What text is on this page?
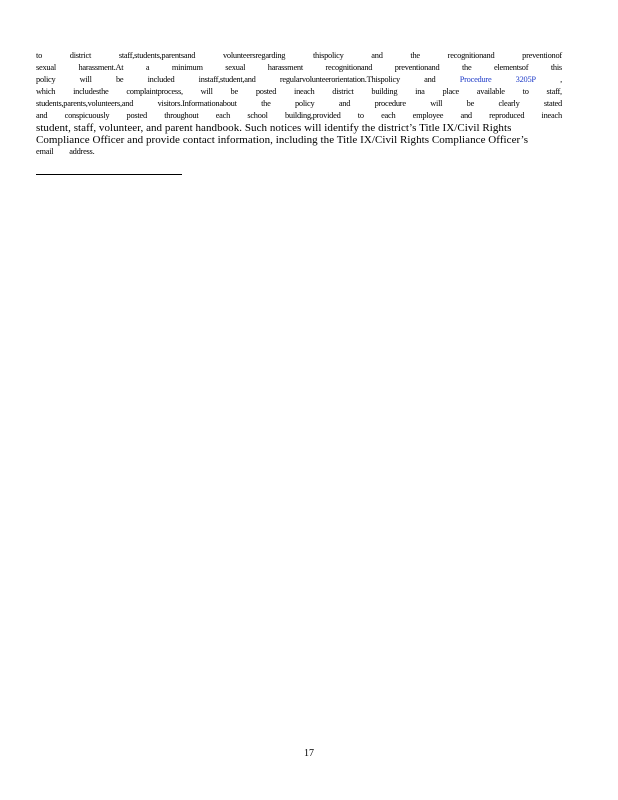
to	district	staff,students,parentsand	volunteersregarding	thispolicy	and	the	recognitionand	preventionof
sexual	harassment.At	a	minimum	sexual	harassment	recognitionand	preventionand	the	elementsof	this
policy	will	be	included	instaff,student,and	regularvolunteerorientation.Thispolicy	and	Procedure	3205P	,
which includesthe complaintprocess, will be posted ineach district building ina place available to staff,
students,parents,volunteers,and	visitors.Informationabout	the	policy	and	procedure	will	be	clearly	stated
and conspicuously posted throughout each school building,provided to each employee and reproduced ineach
student, staff, volunteer, and parent handbook. Such notices will identify the district’s Title IX/Civil Rights
Compliance Officer and provide contact information, including the Title IX/Civil Rights Compliance Officer’s
email address.
17
